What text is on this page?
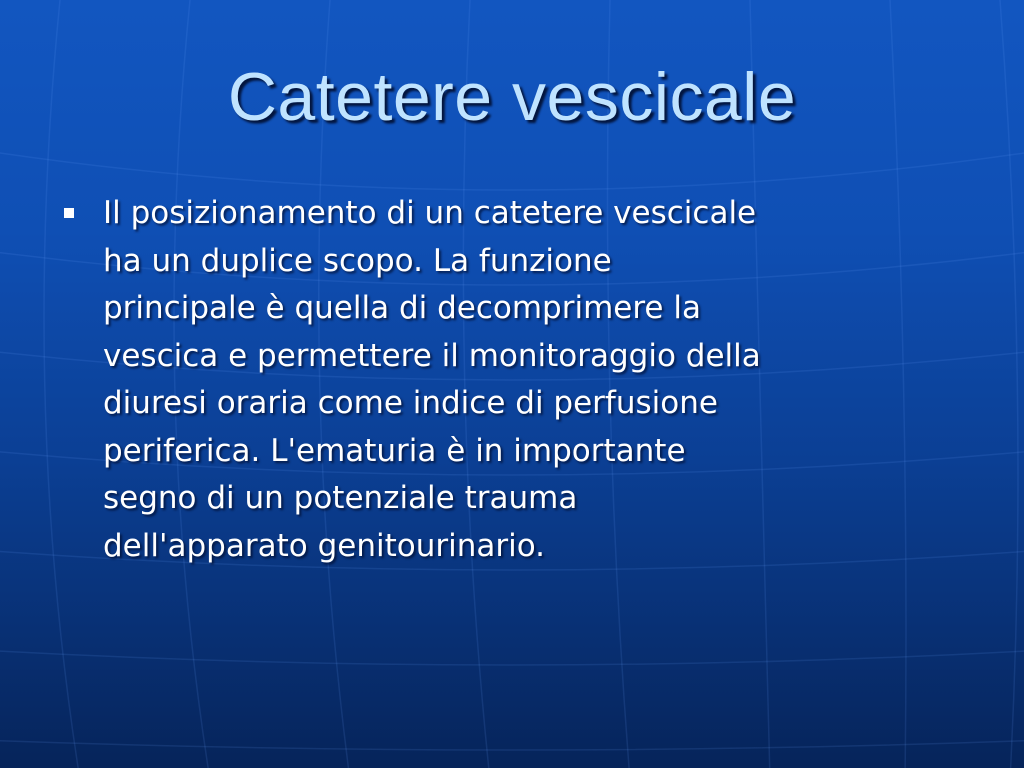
Catetere vescicale
Il posizionamento di un catetere vescicale
ha un duplice scopo. La funzione
principale è quella di decomprimere la
vescica e permettere il monitoraggio della
diuresi oraria come indice di perfusione
periferica. L'ematuria è in importante
segno di un potenziale trauma
dell'apparato genitourinario.
